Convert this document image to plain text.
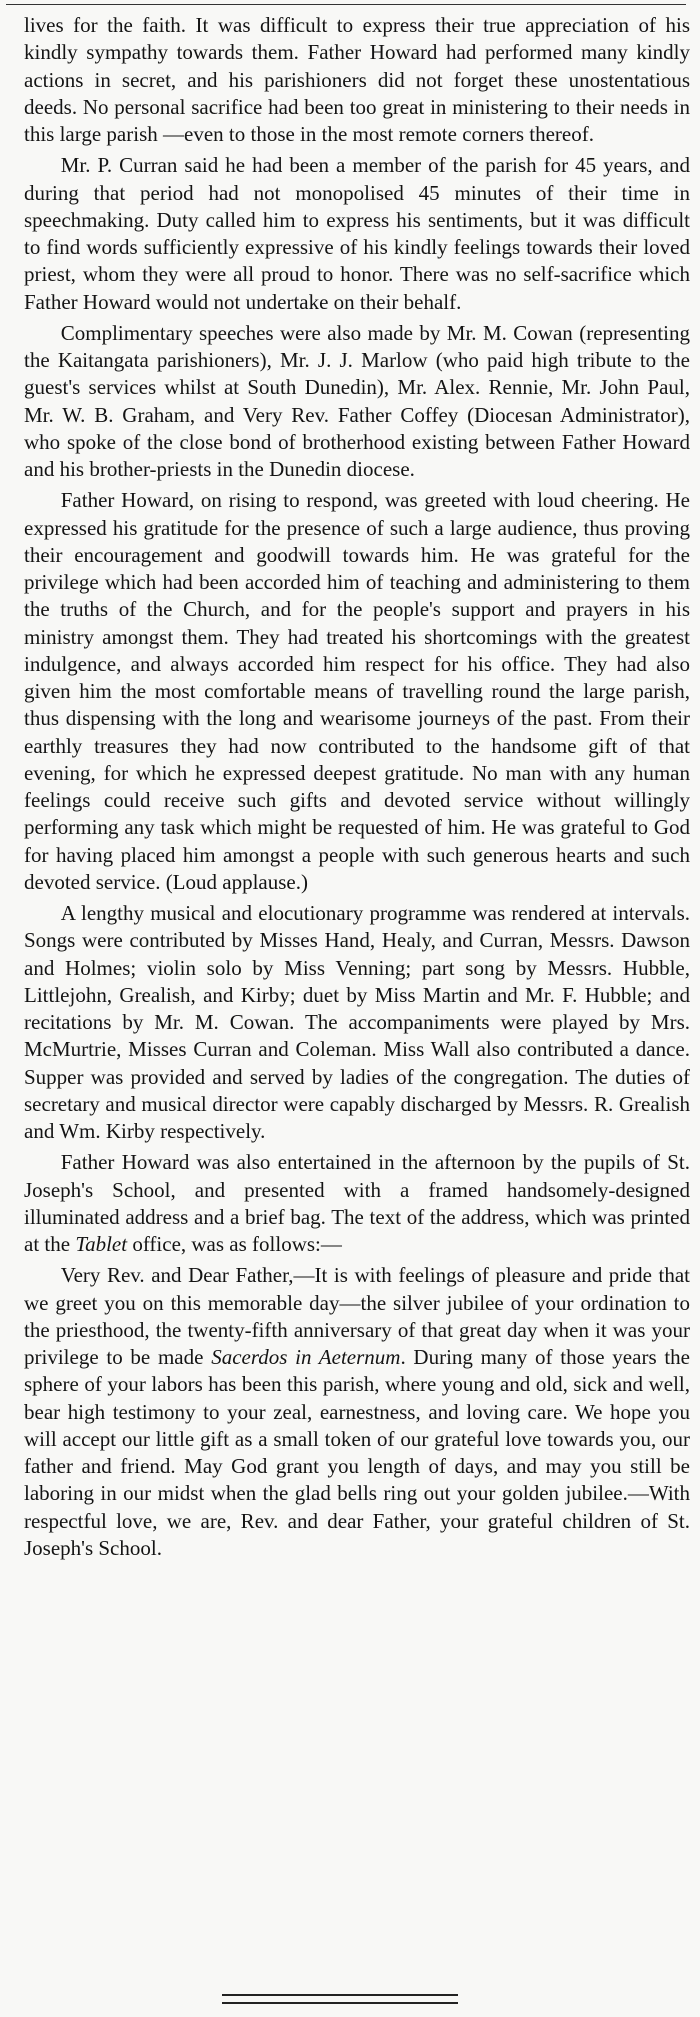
lives for the faith. It was difficult to express their true appreciation of his kindly sympathy towards them. Father Howard had performed many kindly actions in secret, and his parishioners did not forget these unostentatious deeds. No personal sacrifice had been too great in ministering to their needs in this large parish —even to those in the most remote corners thereof.

Mr. P. Curran said he had been a member of the parish for 45 years, and during that period had not monopolised 45 minutes of their time in speechmaking. Duty called him to express his sentiments, but it was difficult to find words sufficiently expressive of his kindly feelings towards their loved priest, whom they were all proud to honor. There was no self-sacrifice which Father Howard would not undertake on their behalf.

Complimentary speeches were also made by Mr. M. Cowan (representing the Kaitangata parishioners), Mr. J. J. Marlow (who paid high tribute to the guest's services whilst at South Dunedin), Mr. Alex. Rennie, Mr. John Paul, Mr. W. B. Graham, and Very Rev. Father Coffey (Diocesan Administrator), who spoke of the close bond of brotherhood existing between Father Howard and his brother-priests in the Dunedin diocese.

Father Howard, on rising to respond, was greeted with loud cheering. He expressed his gratitude for the presence of such a large audience, thus proving their encouragement and goodwill towards him. He was grateful for the privilege which had been accorded him of teaching and administering to them the truths of the Church, and for the people's support and prayers in his ministry amongst them. They had treated his shortcomings with the greatest indulgence, and always accorded him respect for his office. They had also given him the most comfortable means of travelling round the large parish, thus dispensing with the long and wearisome journeys of the past. From their earthly treasures they had now contributed to the handsome gift of that evening, for which he expressed deepest gratitude. No man with any human feelings could receive such gifts and devoted service without willingly performing any task which might be requested of him. He was grateful to God for having placed him amongst a people with such generous hearts and such devoted service. (Loud applause.)

A lengthy musical and elocutionary programme was rendered at intervals. Songs were contributed by Misses Hand, Healy, and Curran, Messrs. Dawson and Holmes; violin solo by Miss Venning; part song by Messrs. Hubble, Littlejohn, Grealish, and Kirby; duet by Miss Martin and Mr. F. Hubble; and recitations by Mr. M. Cowan. The accompaniments were played by Mrs. McMurtrie, Misses Curran and Coleman. Miss Wall also contributed a dance. Supper was provided and served by ladies of the congregation. The duties of secretary and musical director were capably discharged by Messrs. R. Grealish and Wm. Kirby respectively.

Father Howard was also entertained in the afternoon by the pupils of St. Joseph's School, and presented with a framed handsomely-designed illuminated address and a brief bag. The text of the address, which was printed at the Tablet office, was as follows:—

Very Rev. and Dear Father,—It is with feelings of pleasure and pride that we greet you on this memorable day—the silver jubilee of your ordination to the priesthood, the twenty-fifth anniversary of that great day when it was your privilege to be made Sacerdos in Aeternum. During many of those years the sphere of your labors has been this parish, where young and old, sick and well, bear high testimony to your zeal, earnestness, and loving care. We hope you will accept our little gift as a small token of our grateful love towards you, our father and friend. May God grant you length of days, and may you still be laboring in our midst when the glad bells ring out your golden jubilee.—With respectful love, we are, Rev. and dear Father, your grateful children of St. Joseph's School.
